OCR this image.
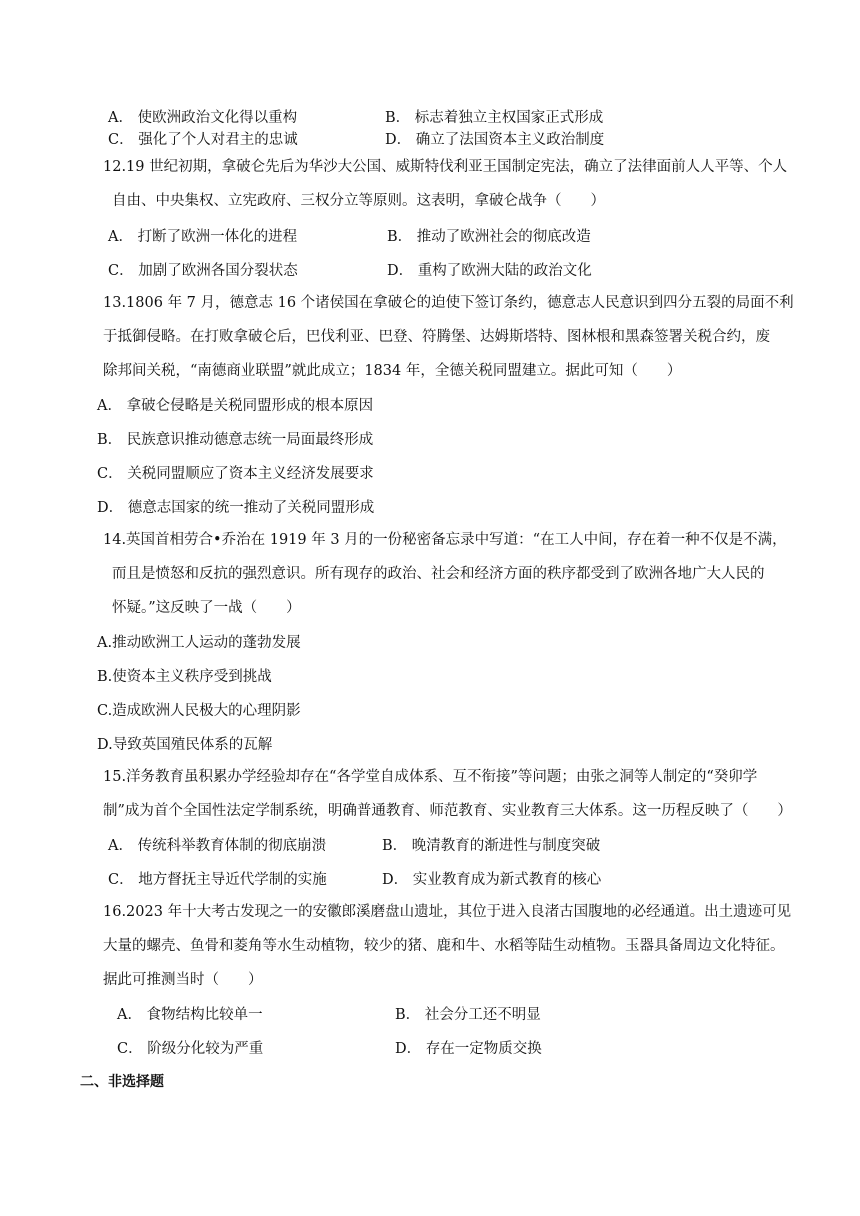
A． 使欧洲政治文化得以重构	B． 标志着独立主权国家正式形成
C． 强化了个人对君主的忠诚	D． 确立了法国资本主义政治制度
12.19 世纪初期，拿破仑先后为华沙大公国、威斯特伐利亚王国制定宪法，确立了法律面前人人平等、个人
自由、中央集权、立宪政府、三权分立等原则。这表明，拿破仑战争（　　）
A． 打断了欧洲一体化的进程	B． 推动了欧洲社会的彻底改造
C． 加剧了欧洲各国分裂状态	D． 重构了欧洲大陆的政治文化
13.1806 年 7 月，德意志 16 个诸侯国在拿破仑的迫使下签订条约，德意志人民意识到四分五裂的局面不利
于抵御侵略。在打败拿破仑后，巴伐利亚、巴登、符腾堡、达姆斯塔特、图林根和黑森签署关税合约，废
除邦间关税，“南德商业联盟”就此成立；1834 年，全德关税同盟建立。据此可知（　　）
A． 拿破仑侵略是关税同盟形成的根本原因
B． 民族意识推动德意志统一局面最终形成
C． 关税同盟顺应了资本主义经济发展要求
D． 德意志国家的统一推动了关税同盟形成
14.英国首相劳合•乔治在 1919 年 3 月的一份秘密备忘录中写道：“在工人中间，存在着一种不仅是不满，
而且是愤怒和反抗的强烈意识。所有现存的政治、社会和经济方面的秩序都受到了欧洲各地广大人民的
怀疑。”这反映了一战（　　）
A.推动欧洲工人运动的蓬勃发展
B.使资本主义秩序受到挑战
C.造成欧洲人民极大的心理阴影
D.导致英国殖民体系的瓦解
15.洋务教育虽积累办学经验却存在“各学堂自成体系、互不衔接”等问题；由张之洞等人制定的“癸卯学
制”成为首个全国性法定学制系统，明确普通教育、师范教育、实业教育三大体系。这一历程反映了（　　）
A． 传统科举教育体制的彻底崩溃	B． 晚清教育的渐进性与制度突破
C． 地方督抚主导近代学制的实施	D． 实业教育成为新式教育的核心
16.2023 年十大考古发现之一的安徽郎溪磨盘山遗址，其位于进入良渚古国腹地的必经通道。出土遗迹可见
大量的螺壳、鱼骨和菱角等水生动植物，较少的猪、鹿和牛、水稻等陆生动植物。玉器具备周边文化特征。
据此可推测当时（　　）
A． 食物结构比较单一	B． 社会分工还不明显
C． 阶级分化较为严重	D． 存在一定物质交换
二、非选择题
